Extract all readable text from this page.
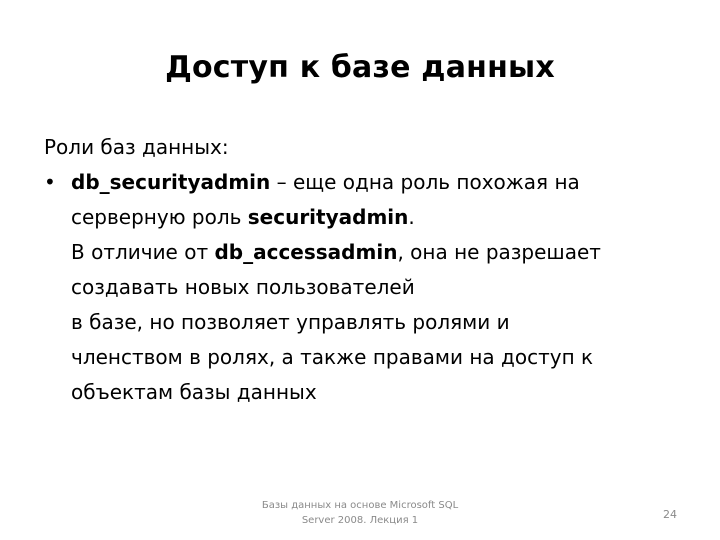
Доступ к базе данных
Роли баз данных:
• db_securityadmin – еще одна роль похожая на
серверную роль securityadmin.
В отличие от db_accessadmin, она не разрешает
создавать новых пользователей
в базе, но позволяет управлять ролями и
членством в ролях, а также правами на доступ к
объектам базы данных
Базы данных на основе Microsoft SQL
Server 2008. Лекция 1	24
